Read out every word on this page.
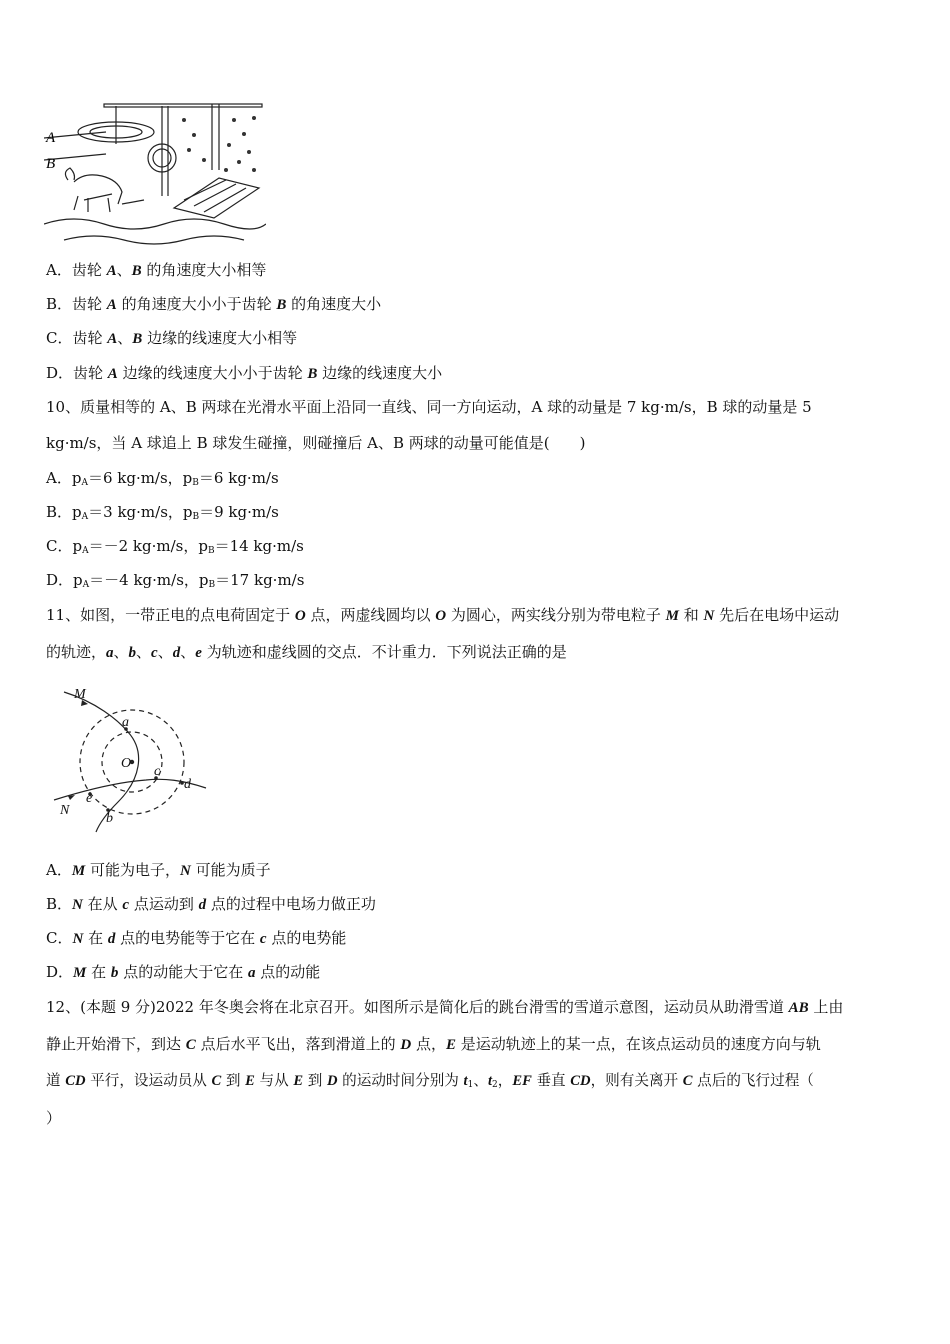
A
B
A．齿轮 A、B 的角速度大小相等
B．齿轮 A 的角速度大小小于齿轮 B 的角速度大小
C．齿轮 A、B 边缘的线速度大小相等
D．齿轮 A 边缘的线速度大小小于齿轮 B 边缘的线速度大小
10、质量相等的 A、B 两球在光滑水平面上沿同一直线、同一方向运动，A 球的动量是 7 kg·m/s，B 球的动量是 5
kg·m/s，当 A 球追上 B 球发生碰撞，则碰撞后 A、B 两球的动量可能值是(　　)
A．$p_A=6$ kg·m/s，$p_B=6$ kg·m/s
B．$p_A=3$ kg·m/s，$p_B=9$ kg·m/s
C．$p_A=-2$ kg·m/s，$p_B=14$ kg·m/s
D．$p_A=-4$ kg·m/s，$p_B=17$ kg·m/s
11、如图，一带正电的点电荷固定于 O 点，两虚线圆均以 O 为圆心，两实线分别为带电粒子 M 和 N 先后在电场中运动
的轨迹，a、b、c、d、e 为轨迹和虚线圆的交点．不计重力．下列说法正确的是
M
N
O
a
b
c
d
e
A．M 可能为电子，N 可能为质子
B．N 在从 c 点运动到 d 点的过程中电场力做正功
C．N 在 d 点的电势能等于它在 c 点的电势能
D．M 在 b 点的动能大于它在 a 点的动能
12、(本题 9 分)2022 年冬奥会将在北京召开。如图所示是简化后的跳台滑雪的雪道示意图，运动员从助滑雪道 AB 上由
静止开始滑下，到达 C 点后水平飞出，落到滑道上的 D 点，E 是运动轨迹上的某一点，在该点运动员的速度方向与轨
道 CD 平行，设运动员从 C 到 E 与从 E 到 D 的运动时间分别为 $t_1$、$t_2$，EF 垂直 CD，则有关离开 C 点后的飞行过程（
）
